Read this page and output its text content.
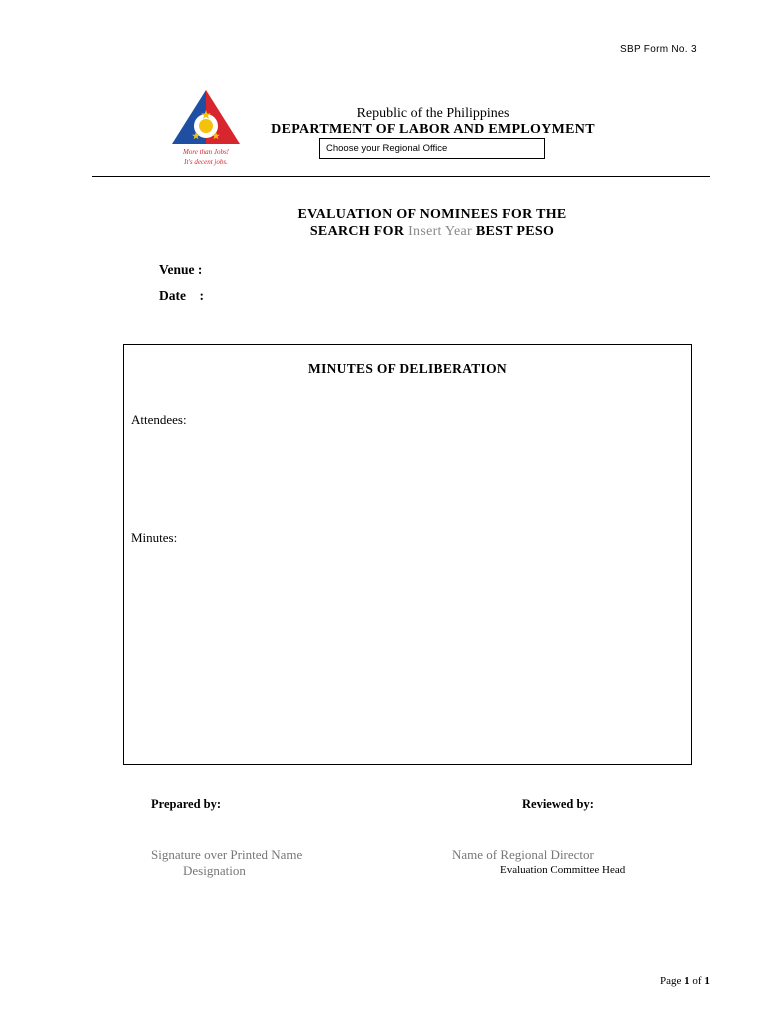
SBP Form No. 3
More than Jobs!
It's decent jobs.
Republic of the Philippines
DEPARTMENT OF LABOR AND EMPLOYMENT
Choose your Regional Office
EVALUATION OF NOMINEES FOR THE
SEARCH FOR Insert Year BEST PESO
Venue :
Date    :
MINUTES OF DELIBERATION
Attendees:
Minutes:
Prepared by:	Reviewed by:
Signature over Printed Name
Designation
Name of Regional Director
Evaluation Committee Head
Page 1 of 1
